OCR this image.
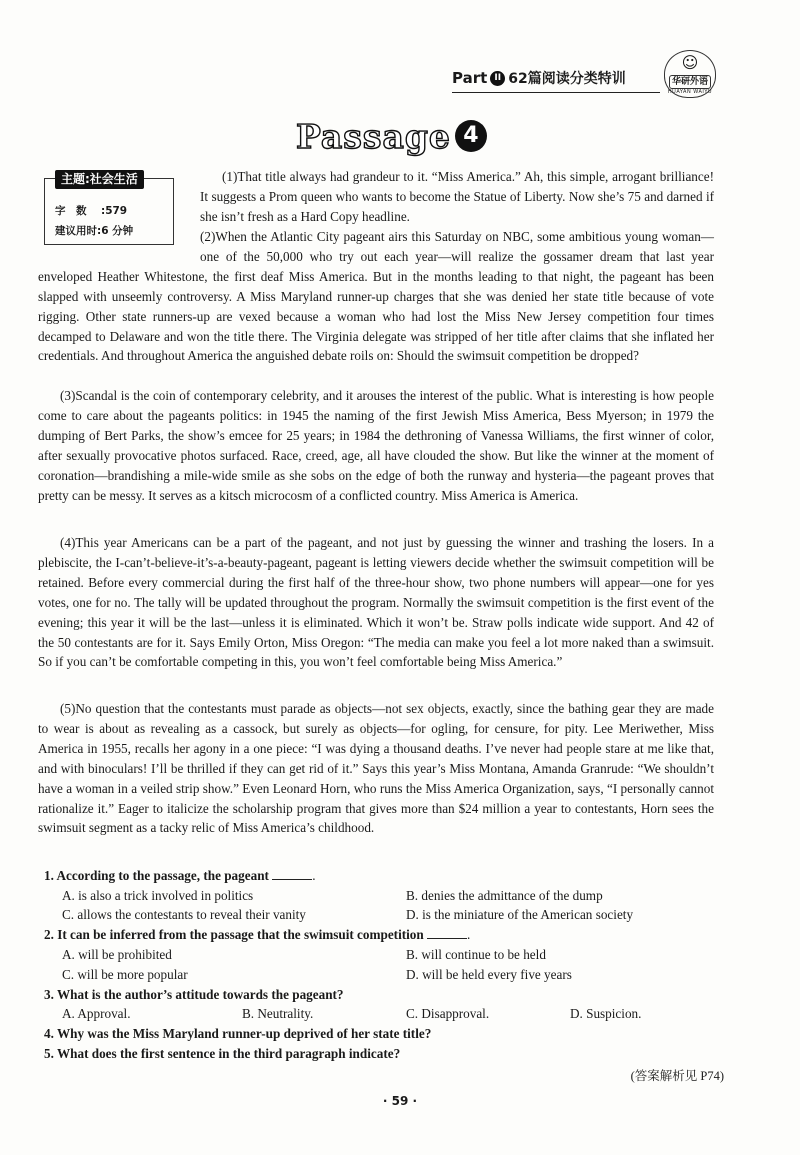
Part II 62篇阅读分类特训
☺
华研外语
HUAYAN WAIYU
Passage 4
主题:社会生活
字　数 :579
建议用时:6 分钟

(1)That title always had grandeur to it. “Miss America.” Ah, this simple, arrogant brilliance! It suggests a Prom queen who wants to become the Statue of Liberty. Now she’s 75 and darned if she isn’t fresh as a Hard Copy headline.

(2)When the Atlantic City pageant airs this Saturday on NBC, some ambitious young woman—one of the 50,000 who try out each year—will realize the gossamer dream that last year enveloped Heather Whitestone, the first deaf Miss America. But in the months leading to that night, the pageant has been slapped with unseemly controversy. A Miss Maryland runner-up charges that she was denied her state title because of vote rigging. Other state runners-up are vexed because a woman who had lost the Miss New Jersey competition four times decamped to Delaware and won the title there. The Virginia delegate was stripped of her title after claims that she inflated her credentials. And throughout America the anguished debate roils on: Should the swimsuit competition be dropped?

(3)Scandal is the coin of contemporary celebrity, and it arouses the interest of the public. What is interesting is how people come to care about the pageants politics: in 1945 the naming of the first Jewish Miss America, Bess Myerson; in 1979 the dumping of Bert Parks, the show’s emcee for 25 years; in 1984 the dethroning of Vanessa Williams, the first winner of color, after sexually provocative photos surfaced. Race, creed, age, all have clouded the show. But like the winner at the moment of coronation—brandishing a mile-wide smile as she sobs on the edge of both the runway and hysteria—the pageant proves that pretty can be messy. It serves as a kitsch microcosm of a conflicted country. Miss America is America.

(4)This year Americans can be a part of the pageant, and not just by guessing the winner and trashing the losers. In a plebiscite, the I-can’t-believe-it’s-a-beauty-pageant, pageant is letting viewers decide whether the swimsuit competition will be retained. Before every commercial during the first half of the three-hour show, two phone numbers will appear—one for yes votes, one for no. The tally will be updated throughout the program. Normally the swimsuit competition is the first event of the evening; this year it will be the last—unless it is eliminated. Which it won’t be. Straw polls indicate wide support. And 42 of the 50 contestants are for it. Says Emily Orton, Miss Oregon: “The media can make you feel a lot more naked than a swimsuit. So if you can’t be comfortable competing in this, you won’t feel comfortable being Miss America.”

(5)No question that the contestants must parade as objects—not sex objects, exactly, since the bathing gear they are made to wear is about as revealing as a cassock, but surely as objects—for ogling, for censure, for pity. Lee Meriwether, Miss America in 1955, recalls her agony in a one piece: “I was dying a thousand deaths. I’ve never had people stare at me like that, and with binoculars! I’ll be thrilled if they can get rid of it.” Says this year’s Miss Montana, Amanda Granrude: “We shouldn’t have a woman in a veiled strip show.” Even Leonard Horn, who runs the Miss America Organization, says, “I personally cannot rationalize it.” Eager to italicize the scholarship program that gives more than $24 million a year to contestants, Horn sees the swimsuit segment as a tacky relic of Miss America’s childhood.

1. According to the passage, the pageant	.
A. is also a trick involved in politics	B. denies the admittance of the dump
C. allows the contestants to reveal their vanity	D. is the miniature of the American society
2. It can be inferred from the passage that the swimsuit competition	.
A. will be prohibited	B. will continue to be held
C. will be more popular	D. will be held every five years
3. What is the author’s attitude towards the pageant?
A. Approval.	B. Neutrality.	C. Disapproval.	D. Suspicion.
4. Why was the Miss Maryland runner-up deprived of her state title?
5. What does the first sentence in the third paragraph indicate?
(答案解析见 P74)
· 59 ·
